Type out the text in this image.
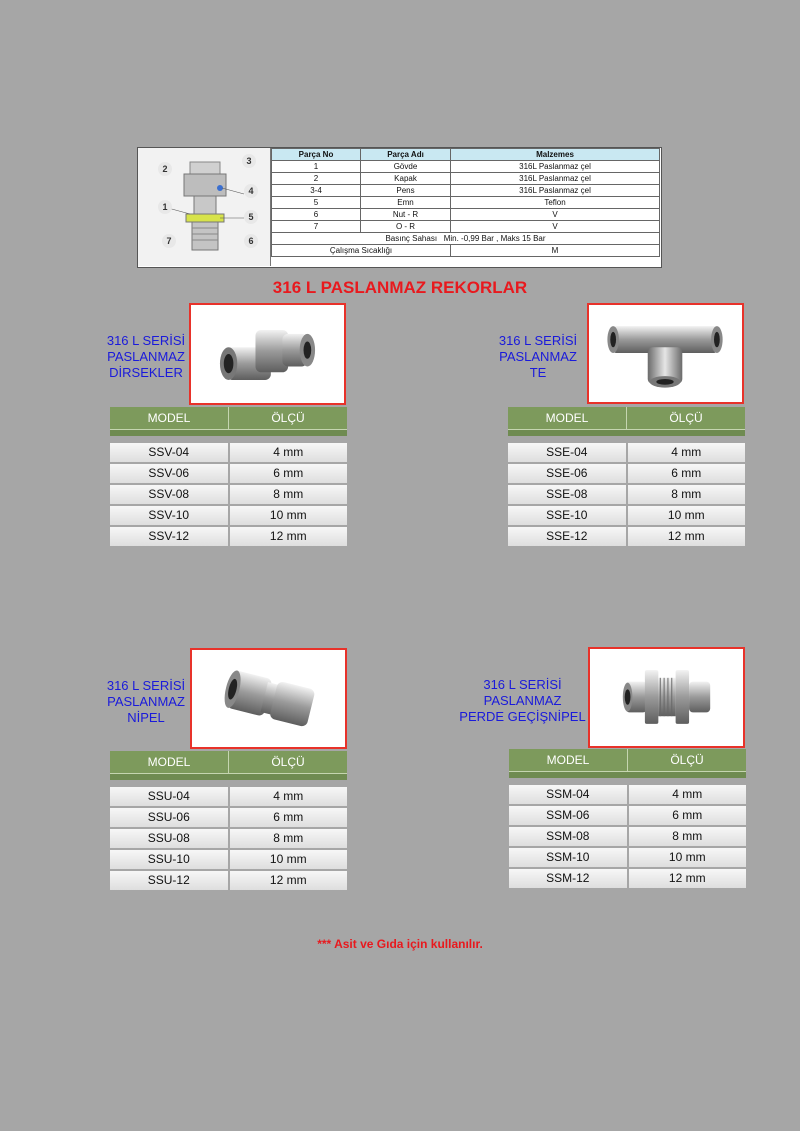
2
3
4
1
5
7	6
Parça No	Parça Adı	Malzemes
1	Gövde	316L Paslanmaz çel
2	Kapak	316L Paslanmaz çel
3-4	Pens	316L Paslanmaz çel
5	Emn	Teflon
6	Nut - R	V
7	O - R	V
Basınç Sahası Min. -0,99 Bar , Maks 15 Bar		
Çalışma Sıcaklığı		M
316 L PASLANMAZ REKORLAR
316 L SERİSİ
PASLANMAZ
DİRSEKLER
MODEL	ÖLÇÜ
SSV-04	4 mm
SSV-06	6 mm
SSV-08	8 mm
SSV-10	10 mm
SSV-12	12 mm
316 L SERİSİ
PASLANMAZ
TE
MODEL	ÖLÇÜ
SSE-04	4 mm
SSE-06	6 mm
SSE-08	8 mm
SSE-10	10 mm
SSE-12	12 mm
316 L SERİSİ
PASLANMAZ
NİPEL
MODEL	ÖLÇÜ
SSU-04	4 mm
SSU-06	6 mm
SSU-08	8 mm
SSU-10	10 mm
SSU-12	12 mm
316 L SERİSİ
PASLANMAZ
PERDE GEÇİŞNİPEL
MODEL	ÖLÇÜ
SSM-04	4 mm
SSM-06	6 mm
SSM-08	8 mm
SSM-10	10 mm
SSM-12	12 mm
*** Asit ve Gıda için kullanılır.
